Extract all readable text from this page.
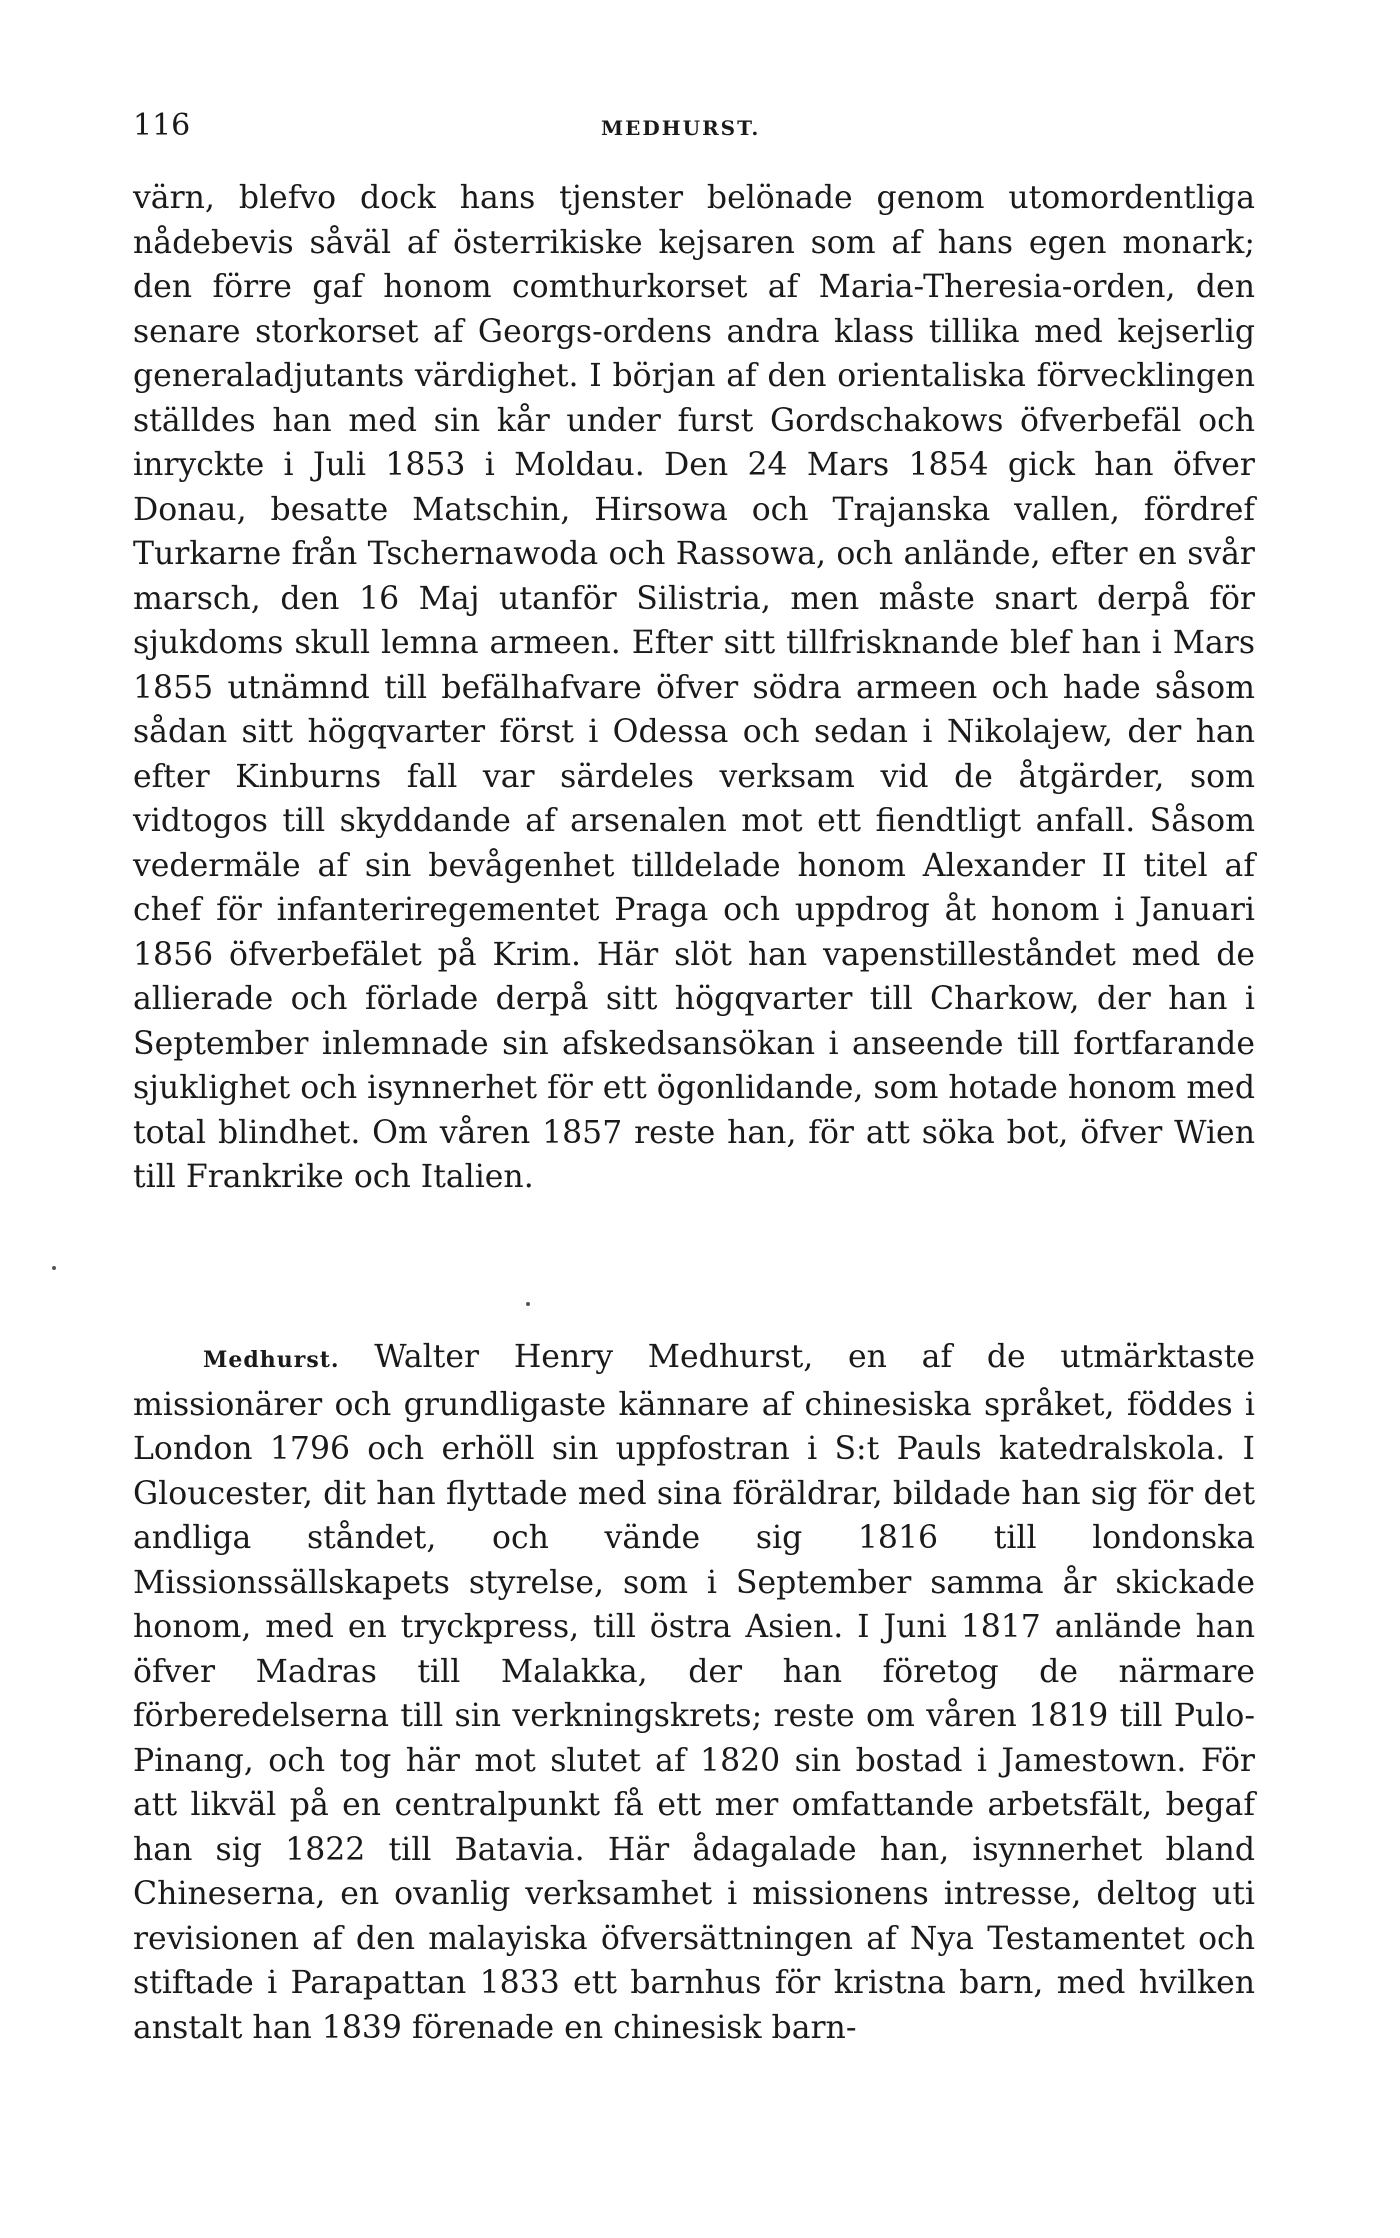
116	MEDHURST.

värn, blefvo dock hans tjenster belönade genom utomordentliga nådebevis såväl af österrikiske kejsaren som af hans egen monark; den förre gaf honom comthurkorset af Maria-Theresia-orden, den senare storkorset af Georgs-ordens andra klass tillika med kejserlig generaladjutants värdighet. I början af den orientaliska förvecklingen ställdes han med sin kår under furst Gordschakows öfverbefäl och inryckte i Juli 1853 i Moldau. Den 24 Mars 1854 gick han öfver Donau, besatte Matschin, Hirsowa och Trajanska vallen, fördref Turkarne från Tschernawoda och Rassowa, och anlände, efter en svår marsch, den 16 Maj utanför Silistria, men måste snart derpå för sjukdoms skull lemna armeen. Efter sitt tillfrisknande blef han i Mars 1855 utnämnd till befälhafvare öfver södra armeen och hade såsom sådan sitt högqvarter först i Odessa och sedan i Nikolajew, der han efter Kinburns fall var särdeles verksam vid de åtgärder, som vidtogos till skyddande af arsenalen mot ett fiendtligt anfall. Såsom vedermäle af sin bevågenhet tilldelade honom Alexander II titel af chef för infanteriregementet Praga och uppdrog åt honom i Januari 1856 öfverbefälet på Krim. Här slöt han vapenstilleståndet med de allierade och förlade derpå sitt högqvarter till Charkow, der han i September inlemnade sin afskedsansökan i anseende till fortfarande sjuklighet och isynnerhet för ett ögonlidande, som hotade honom med total blindhet. Om våren 1857 reste han, för att söka bot, öfver Wien till Frankrike och Italien.

Medhurst. Walter Henry Medhurst, en af de utmärktaste missionärer och grundligaste kännare af chinesiska språket, föddes i London 1796 och erhöll sin uppfostran i S:t Pauls katedralskola. I Gloucester, dit han flyttade med sina föräldrar, bildade han sig för det andliga ståndet, och vände sig 1816 till londonska Missionssällskapets styrelse, som i September samma år skickade honom, med en tryckpress, till östra Asien. I Juni 1817 anlände han öfver Madras till Malakka, der han företog de närmare förberedelserna till sin verkningskrets; reste om våren 1819 till Pulo-Pinang, och tog här mot slutet af 1820 sin bostad i Jamestown. För att likväl på en centralpunkt få ett mer omfattande arbetsfält, begaf han sig 1822 till Batavia. Här ådagalade han, isynnerhet bland Chineserna, en ovanlig verksamhet i missionens intresse, deltog uti revisionen af den malayiska öfversättningen af Nya Testamentet och stiftade i Parapattan 1833 ett barnhus för kristna barn, med hvilken anstalt han 1839 förenade en chinesisk barn-
